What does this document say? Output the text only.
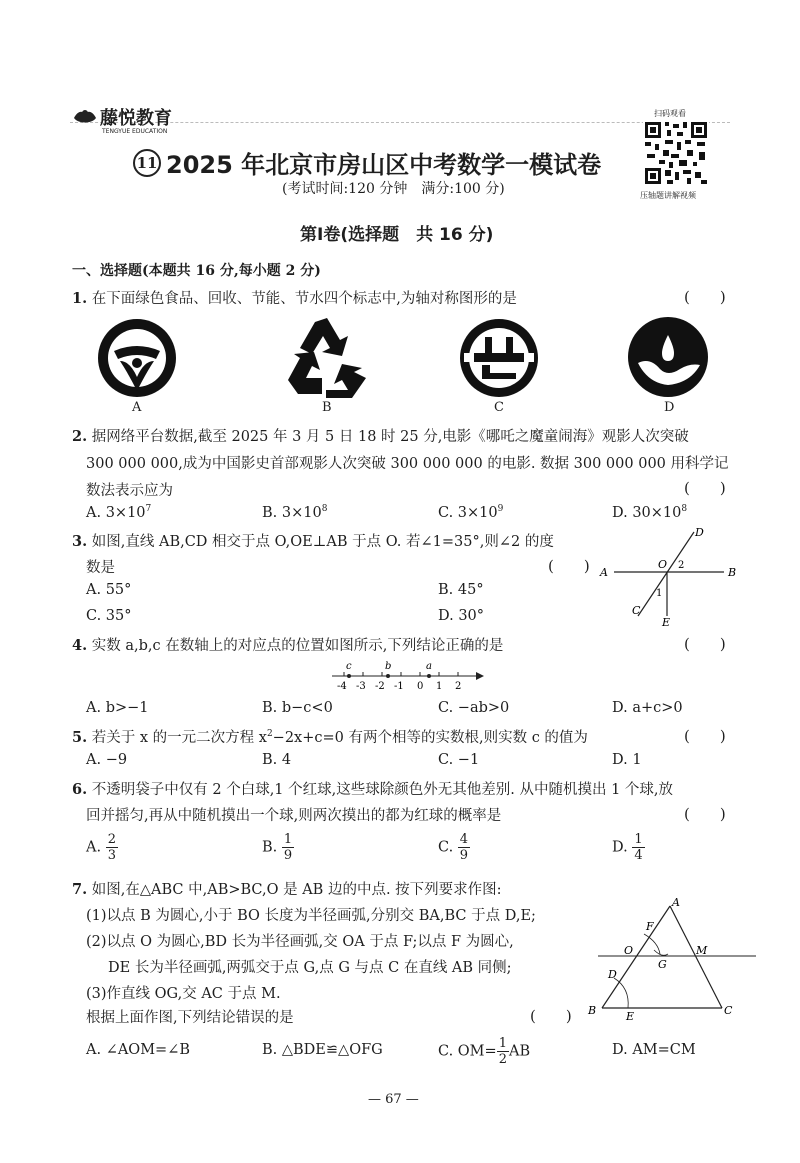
藤悦教育
TENGYUE EDUCATION
扫码观看
压轴题讲解视频
11 2025 年北京市房山区中考数学一模试卷
(考试时间:120 分钟　满分:100 分)
第Ⅰ卷(选择题　共 16 分)
一、选择题(本题共 16 分,每小题 2 分)
1. 在下面绿色食品、回收、节能、节水四个标志中,为轴对称图形的是	(　　)
A	B	C	D
2. 据网络平台数据,截至 2025 年 3 月 5 日 18 时 25 分,电影《哪吒之魔童闹海》观影人次突破
300 000 000,成为中国影史首部观影人次突破 300 000 000 的电影. 数据 300 000 000 用科学记
数法表示应为	(　　)
A. $3\times 10^7$	B. $3\times 10^8$	C. $3\times 10^9$	D. $30\times 10^8$
3. 如图,直线 AB,CD 相交于点 O,OE⊥AB 于点 O. 若∠1=35°,则∠2 的度
数是	(　　)
A. 55°	B. 45°
C. 35°	D. 30°
A	B
C
D
E
O
1
2
4. 实数 a,b,c 在数轴上的对应点的位置如图所示,下列结论正确的是	(　　)
c	b	a
-4 -3 -2 -1 0 1 2
A. b>−1	B. b−c<0	C. −ab>0	D. a+c>0
5. 若关于 x 的一元二次方程 $x^2-2x+c=0$ 有两个相等的实数根,则实数 c 的值为	(　　)
A. −9	B. 4	C. −1	D. 1
6. 不透明袋子中仅有 2 个白球,1 个红球,这些球除颜色外无其他差别. 从中随机摸出 1 个球,放
回并摇匀,再从中随机摸出一个球,则两次摸出的都为红球的概率是	(　　)
A. $\frac{2}{3}$	B. $\frac{1}{9}$	C. $\frac{4}{9}$	D. $\frac{1}{4}$
7. 如图,在△ABC 中,AB>BC,O 是 AB 边的中点. 按下列要求作图:
(1)以点 B 为圆心,小于 BO 长度为半径画弧,分别交 BA,BC 于点 D,E;
(2)以点 O 为圆心,BD 长为半径画弧,交 OA 于点 F;以点 F 为圆心,
DE 长为半径画弧,两弧交于点 G,点 G 与点 C 在直线 AB 同侧;
(3)作直线 OG,交 AC 于点 M.
根据上面作图,下列结论错误的是	(　　)
A
B	C
D
E
F
G
O	M
A. ∠AOM=∠B	B. △BDE≌△OFG	C. $OM= \frac{1}{2}$ AB	D. AM=CM
— 67 —
